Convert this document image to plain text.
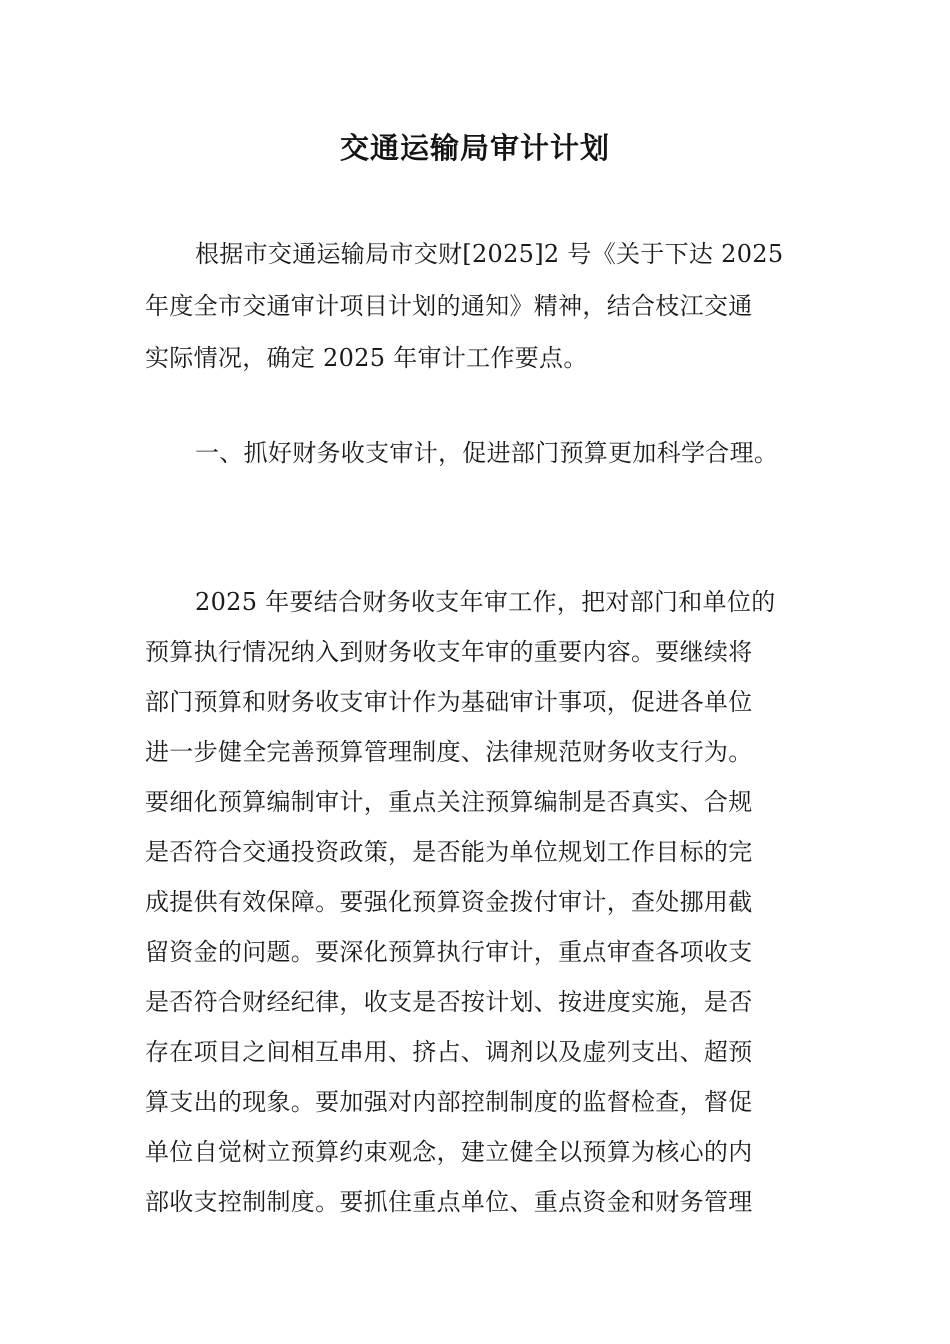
交通运输局审计计划
根据市交通运输局市交财[2025]2 号《关于下达 2025
年度全市交通审计项目计划的通知》精神，结合枝江交通
实际情况，确定 2025 年审计工作要点。
一、抓好财务收支审计，促进部门预算更加科学合理。
2025 年要结合财务收支年审工作，把对部门和单位的
预算执行情况纳入到财务收支年审的重要内容。要继续将
部门预算和财务收支审计作为基础审计事项，促进各单位
进一步健全完善预算管理制度、法律规范财务收支行为。
要细化预算编制审计，重点关注预算编制是否真实、合规
是否符合交通投资政策，是否能为单位规划工作目标的完
成提供有效保障。要强化预算资金拨付审计，查处挪用截
留资金的问题。要深化预算执行审计，重点审查各项收支
是否符合财经纪律，收支是否按计划、按进度实施，是否
存在项目之间相互串用、挤占、调剂以及虚列支出、超预
算支出的现象。要加强对内部控制制度的监督检查，督促
单位自觉树立预算约束观念，建立健全以预算为核心的内
部收支控制制度。要抓住重点单位、重点资金和财务管理
